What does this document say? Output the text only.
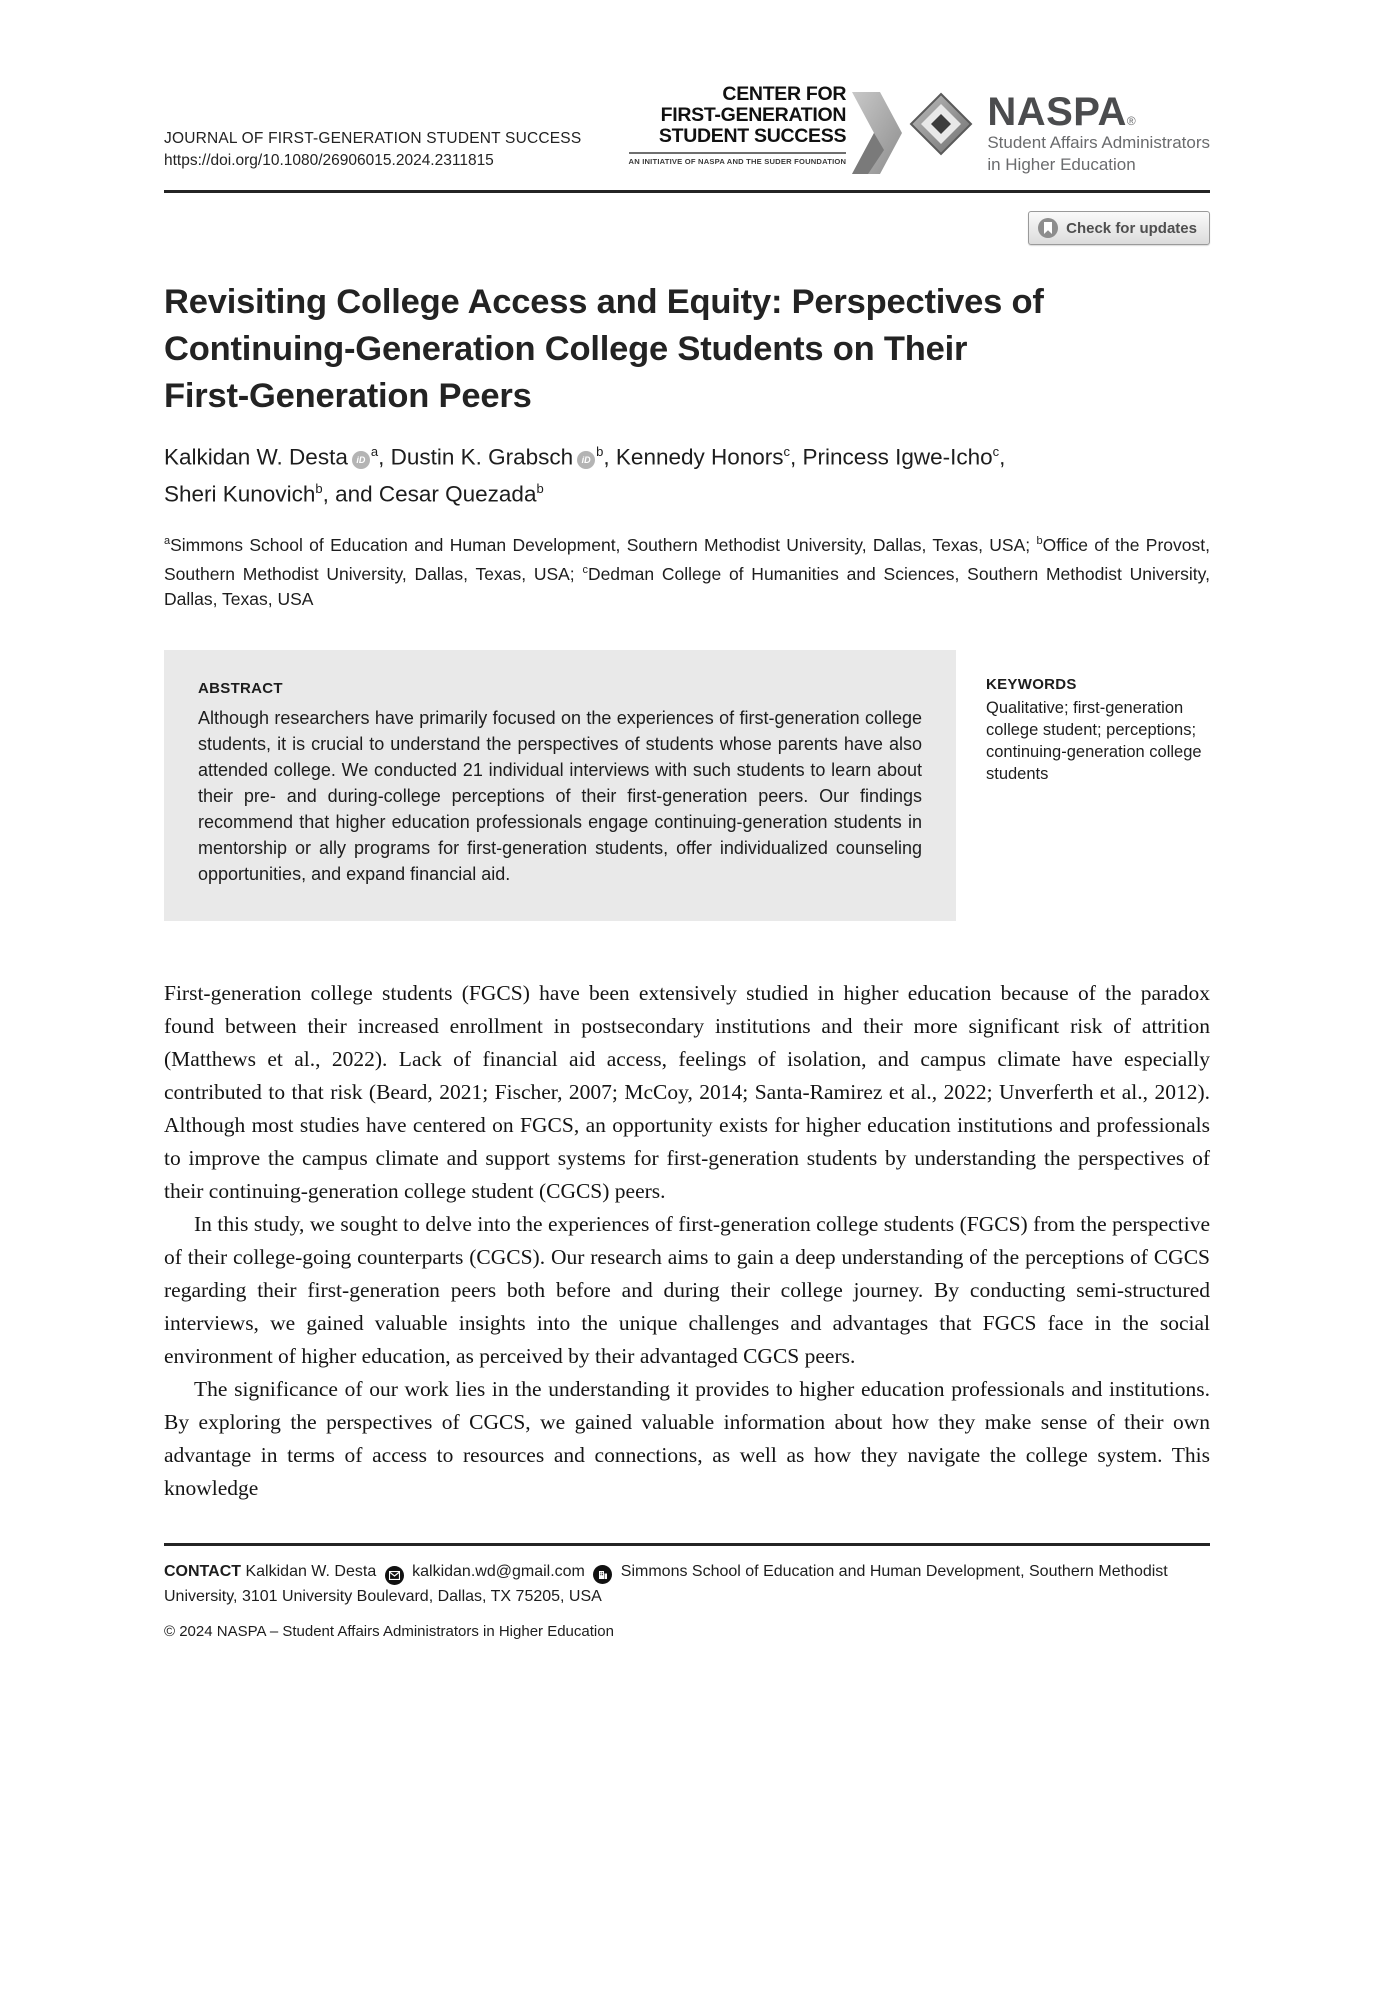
JOURNAL OF FIRST-GENERATION STUDENT SUCCESS
https://doi.org/10.1080/26906015.2024.2311815
CENTER FOR
FIRST-GENERATION
STUDENT SUCCESS
AN INITIATIVE OF NASPA AND THE SUDER FOUNDATION
NASPA®
Student Affairs Administrators
in Higher Education
Check for updates
Revisiting College Access and Equity: Perspectives of
Continuing-Generation College Students on Their
First-Generation Peers
Kalkidan W. Desta $iD^a$, Dustin K. Grabsch $iD^b$, Kennedy Honors$^c$, Princess Igwe-Icho$^c$,
Sheri Kunovich$^b$, and Cesar Quezada$^b$

$^a$Simmons School of Education and Human Development, Southern Methodist University, Dallas, Texas, USA; $^b$Office of the Provost, Southern Methodist University, Dallas, Texas, USA; $^c$Dedman College of Humanities and Sciences, Southern Methodist University, Dallas, Texas, USA

ABSTRACT

Although researchers have primarily focused on the experiences of first-generation college students, it is crucial to understand the perspectives of students whose parents have also attended college. We conducted 21 individual interviews with such students to learn about their pre- and during-college perceptions of their first-generation peers. Our findings recommend that higher education professionals engage continuing-generation students in mentorship or ally programs for first-generation students, offer individualized counseling opportunities, and expand financial aid.

KEYWORDS

Qualitative; first-generation college student; perceptions; continuing-generation college students

First-generation college students (FGCS) have been extensively studied in higher education because of the paradox found between their increased enrollment in postsecondary institutions and their more significant risk of attrition (Matthews et al., 2022). Lack of financial aid access, feelings of isolation, and campus climate have especially contributed to that risk (Beard, 2021; Fischer, 2007; McCoy, 2014; Santa-Ramirez et al., 2022; Unverferth et al., 2012). Although most studies have centered on FGCS, an opportunity exists for higher education institutions and professionals to improve the campus climate and support systems for first-generation students by understanding the perspectives of their continuing-generation college student (CGCS) peers.

In this study, we sought to delve into the experiences of first-generation college students (FGCS) from the perspective of their college-going counterparts (CGCS). Our research aims to gain a deep understanding of the perceptions of CGCS regarding their first-generation peers both before and during their college journey. By conducting semi-structured interviews, we gained valuable insights into the unique challenges and advantages that FGCS face in the social environment of higher education, as perceived by their advantaged CGCS peers.

The significance of our work lies in the understanding it provides to higher education professionals and institutions. By exploring the perspectives of CGCS, we gained valuable information about how they make sense of their own advantage in terms of access to resources and connections, as well as how they navigate the college system. This knowledge

CONTACT Kalkidan W. Desta kalkidan.wd@gmail.com Simmons School of Education and Human Development, Southern Methodist University, 3101 University Boulevard, Dallas, TX 75205, USA

© 2024 NASPA – Student Affairs Administrators in Higher Education
